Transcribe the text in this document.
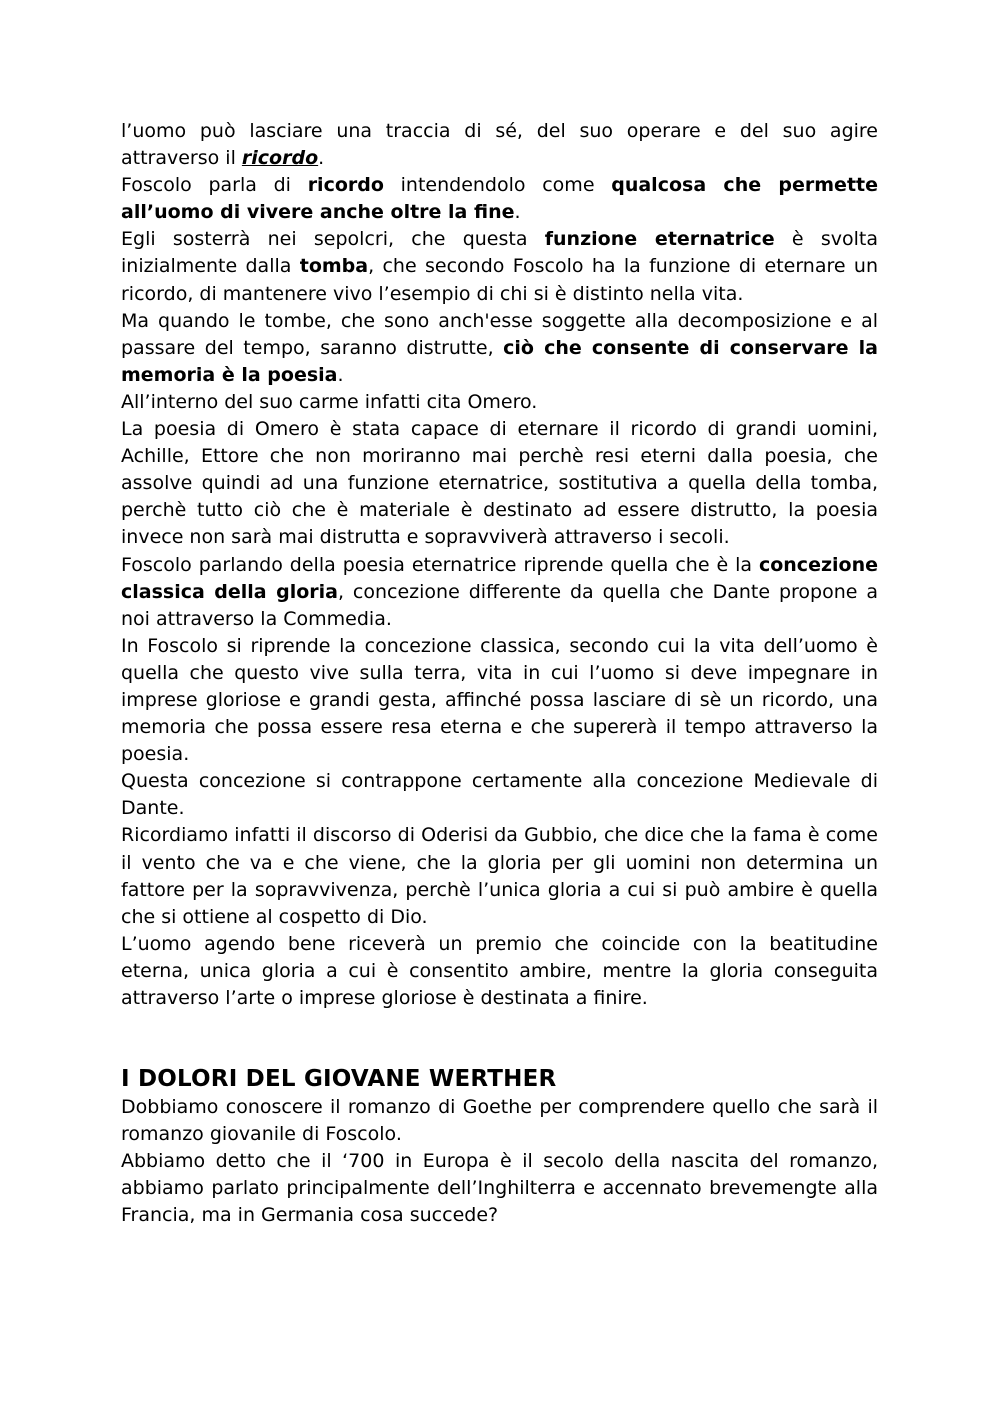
l’uomo può lasciare una traccia di sé, del suo operare e del suo agire attraverso il ricordo.

Foscolo parla di ricordo intendendolo come qualcosa che permette all’uomo di vivere anche oltre la fine.

Egli sosterrà nei sepolcri, che questa funzione eternatrice è svolta inizialmente dalla tomba, che secondo Foscolo ha la funzione di eternare un ricordo, di mantenere vivo l’esempio di chi si è distinto nella vita.

Ma quando le tombe, che sono anch'esse soggette alla decomposizione e al passare del tempo, saranno distrutte, ciò che consente di conservare la memoria è la poesia.

All’interno del suo carme infatti cita Omero.

La poesia di Omero è stata capace di eternare il ricordo di grandi uomini, Achille, Ettore che non moriranno mai perchè resi eterni dalla poesia, che assolve quindi ad una funzione eternatrice, sostitutiva a quella della tomba, perchè tutto ciò che è materiale è destinato ad essere distrutto, la poesia invece non sarà mai distrutta e sopravviverà attraverso i secoli.

Foscolo parlando della poesia eternatrice riprende quella che è la concezione classica della gloria, concezione differente da quella che Dante propone a noi attraverso la Commedia.

In Foscolo si riprende la concezione classica, secondo cui la vita dell’uomo è quella che questo vive sulla terra, vita in cui l’uomo si deve impegnare in imprese gloriose e grandi gesta, affinché possa lasciare di sè un ricordo, una memoria che possa essere resa eterna e che supererà il tempo attraverso la poesia.

Questa concezione si contrappone certamente alla concezione Medievale di Dante.

Ricordiamo infatti il discorso di Oderisi da Gubbio, che dice che la fama è come il vento che va e che viene, che la gloria per gli uomini non determina un fattore per la sopravvivenza, perchè l’unica gloria a cui si può ambire è quella che si ottiene al cospetto di Dio.

L’uomo agendo bene riceverà un premio che coincide con la beatitudine eterna, unica gloria a cui è consentito ambire, mentre la gloria conseguita attraverso l’arte o imprese gloriose è destinata a finire.

I DOLORI DEL GIOVANE WERTHER

Dobbiamo conoscere il romanzo di Goethe per comprendere quello che sarà il romanzo giovanile di Foscolo.

Abbiamo detto che il ‘700 in Europa è il secolo della nascita del romanzo, abbiamo parlato principalmente dell’Inghilterra e accennato brevemengte alla Francia, ma in Germania cosa succede?
